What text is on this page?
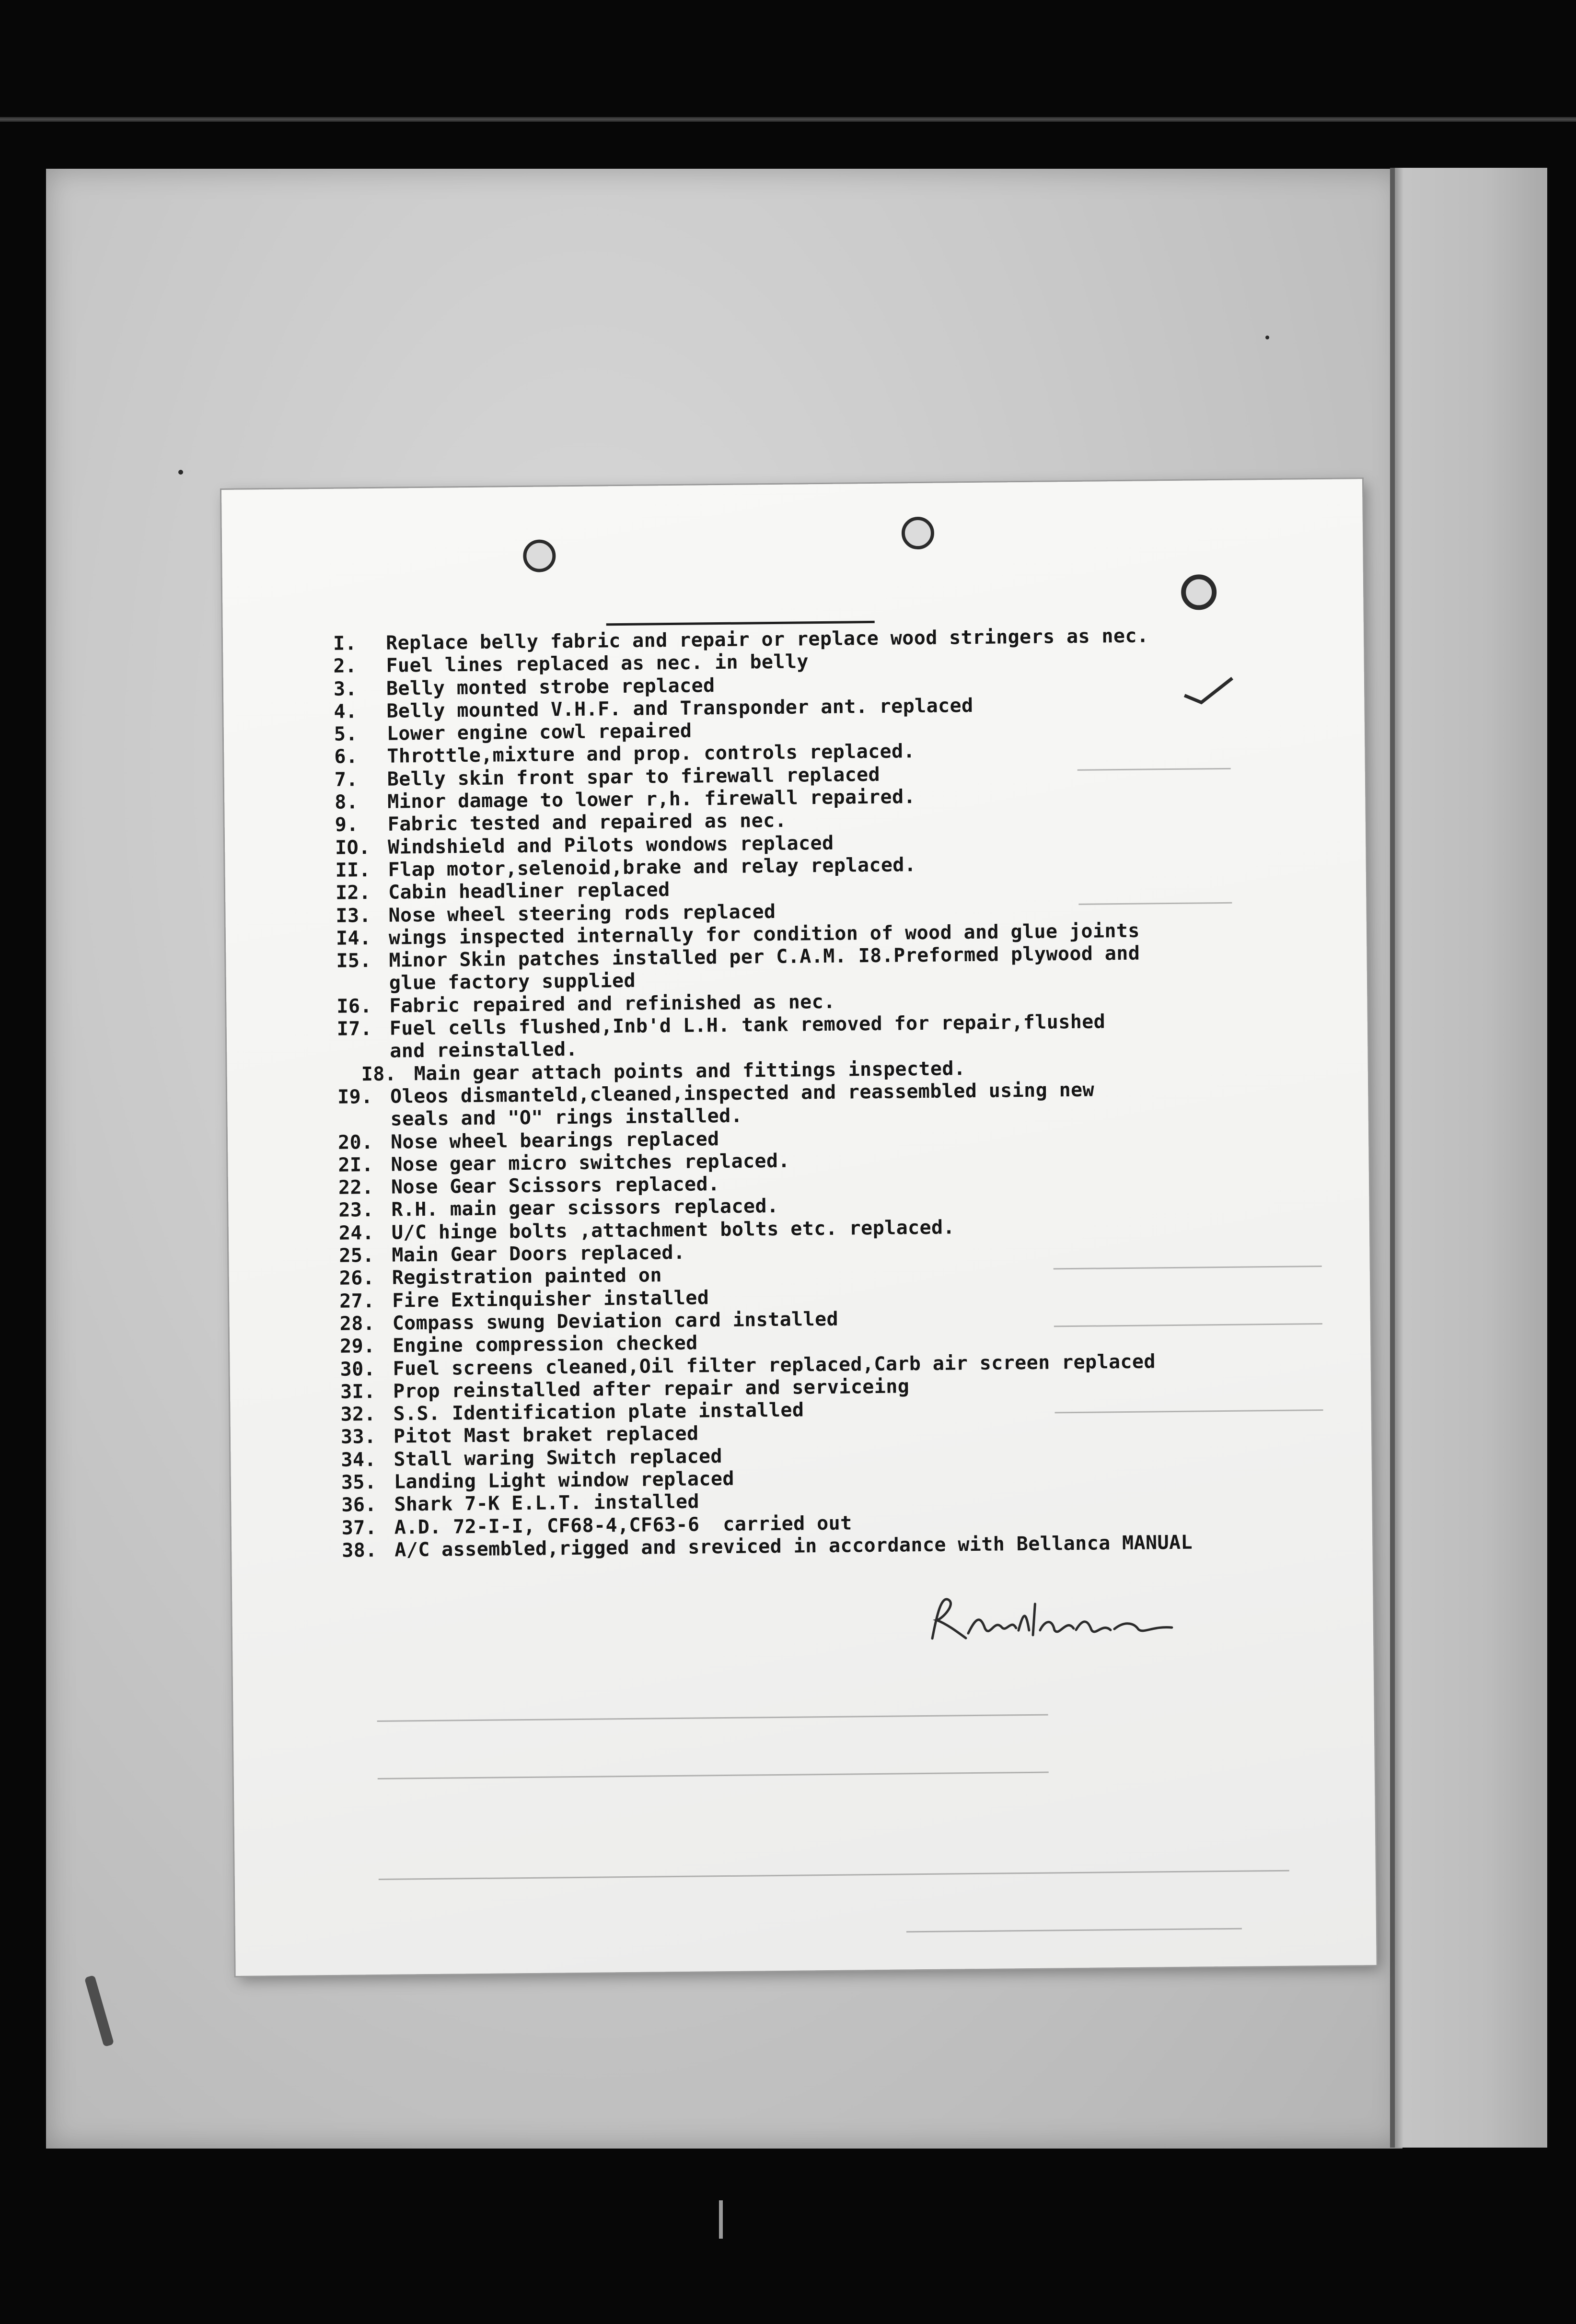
I.	Replace belly fabric and repair or replace wood stringers as nec.
2.	Fuel lines replaced as nec. in belly
3.	Belly monted strobe replaced
4.	Belly mounted V.H.F. and Transponder ant. replaced
5.	Lower engine cowl repaired
6.	Throttle,mixture and prop. controls replaced.
7.	Belly skin front spar to firewall replaced
8.	Minor damage to lower r,h. firewall repaired.
9.	Fabric tested and repaired as nec.
IO. Windshield and Pilots wondows replaced
II. Flap motor,selenoid,brake and relay replaced.
I2. Cabin headliner replaced
I3. Nose wheel steering rods replaced
I4. wings inspected internally for condition of wood and glue joints
I5. Minor Skin patches installed per C.A.M. I8.Preformed plywood and
glue factory supplied
I6. Fabric repaired and refinished as nec.
I7. Fuel cells flushed,Inb'd L.H. tank removed for repair,flushed
and reinstalled.
I8. Main gear attach points and fittings inspected.
I9. Oleos dismanteld,cleaned,inspected and reassembled using new
seals and "O" rings installed.
20. Nose wheel bearings replaced
2I. Nose gear micro switches replaced.
22. Nose Gear Scissors replaced.
23. R.H. main gear scissors replaced.
24. U/C hinge bolts ,attachment bolts etc. replaced.
25. Main Gear Doors replaced.
26. Registration painted on
27. Fire Extinquisher installed
28. Compass swung Deviation card installed
29. Engine compression checked
30. Fuel screens cleaned,Oil filter replaced,Carb air screen replaced
3I. Prop reinstalled after repair and serviceing
32. S.S. Identification plate installed
33. Pitot Mast braket replaced
34. Stall waring Switch replaced
35. Landing Light window replaced
36. Shark 7-K E.L.T. installed
37. A.D. 72-I-I, CF68-4,CF63-6  carried out
38. A/C assembled,rigged and sreviced in accordance with Bellanca MANUAL
